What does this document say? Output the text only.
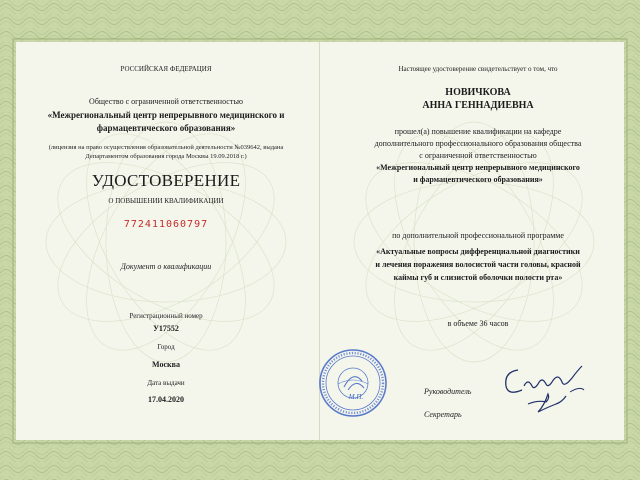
РОССИЙСКАЯ ФЕДЕРАЦИЯ
Общество с ограниченной ответственностью
«Межрегиональный центр непрерывного медицинского и
фармацевтического образования»
(лицензия на право осуществления образовательной деятельности №039642, выдана
Департаментом образования города Москвы 19.09.2018 г.)
УДОСТОВЕРЕНИЕ
О ПОВЫШЕНИИ КВАЛИФИКАЦИИ
772411060797
Документ о квалификации
Регистрационный номер
У17552
Город
Москва
Дата выдачи
17.04.2020
Настоящее удостоверение свидетельствует о том, что
НОВИЧКОВА
АННА ГЕННАДИЕВНА
прошел(а) повышение квалификации на кафедре
дополнительного профессионального образования общества
с ограниченной ответственностью
«Межрегиональный центр непрерывного медицинского
и фармацевтического образования»
по дополнительной профессиональной программе
«Актуальные вопросы дифференциальной диагностики
и лечения поражения волосистой части головы, красной
каймы губ и слизистой оболочки полости рта»
в объеме 36 часов
М.П.
Руководитель
Секретарь
